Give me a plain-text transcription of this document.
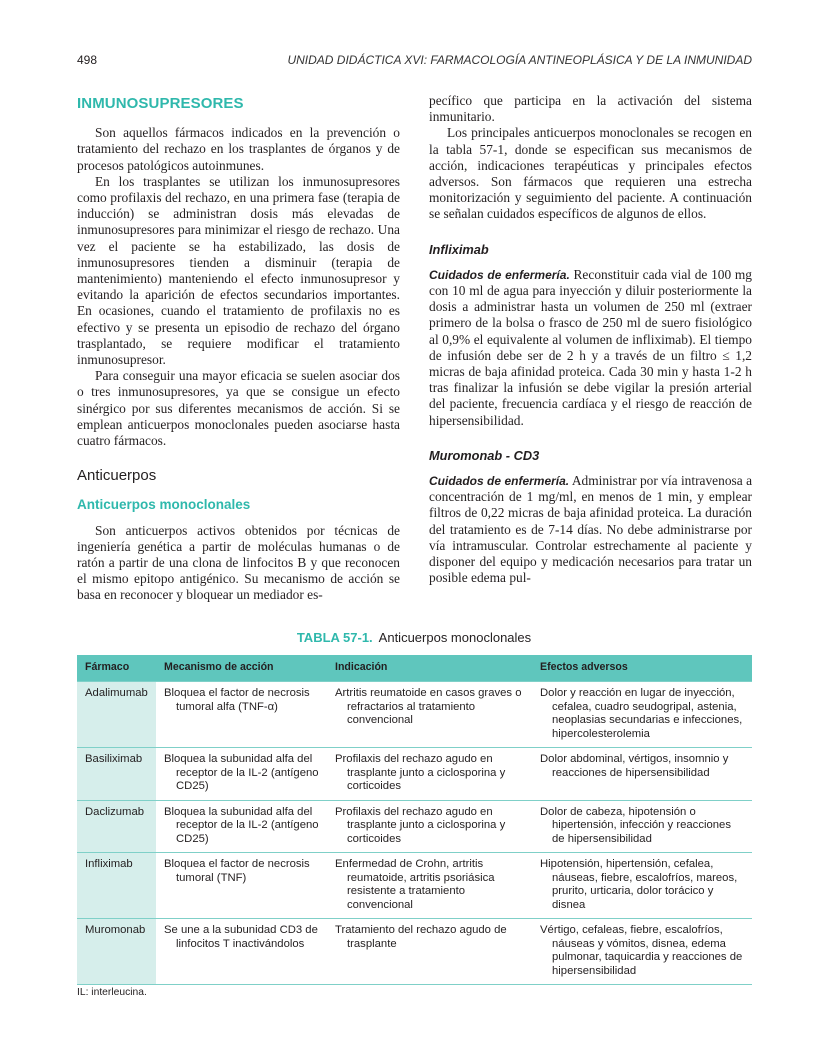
498	UNIDAD DIDÁCTICA XVI: FARMACOLOGÍA ANTINEOPLÁSICA Y DE LA INMUNIDAD
INMUNOSUPRESORES

Son aquellos fármacos indicados en la prevención o tratamiento del rechazo en los trasplantes de órganos y de procesos patológicos autoinmunes.

En los trasplantes se utilizan los inmunosupresores como profilaxis del rechazo, en una primera fase (terapia de inducción) se administran dosis más elevadas de inmunosupresores para minimizar el riesgo de rechazo. Una vez el paciente se ha estabilizado, las dosis de inmunosupresores tienden a disminuir (terapia de mantenimiento) manteniendo el efecto inmunosupresor y evitando la aparición de efectos secundarios importantes. En ocasiones, cuando el tratamiento de profilaxis no es efectivo y se presenta un episodio de rechazo del órgano trasplantado, se requiere modificar el tratamiento inmunosupresor.

Para conseguir una mayor eficacia se suelen asociar dos o tres inmunosupresores, ya que se consigue un efecto sinérgico por sus diferentes mecanismos de acción. Si se emplean anticuerpos monoclonales pueden asociarse hasta cuatro fármacos.

Anticuerpos
Anticuerpos monoclonales

Son anticuerpos activos obtenidos por técnicas de ingeniería genética a partir de moléculas humanas o de ratón a partir de una clona de linfocitos B y que reconocen el mismo epitopo antigénico. Su mecanismo de acción se basa en reconocer y bloquear un mediador es-

pecífico que participa en la activación del sistema inmunitario.

Los principales anticuerpos monoclonales se recogen en la tabla 57-1, donde se especifican sus mecanismos de acción, indicaciones terapéuticas y principales efectos adversos. Son fármacos que requieren una estrecha monitorización y seguimiento del paciente. A continuación se señalan cuidados específicos de algunos de ellos.

Infliximab

Cuidados de enfermería. Reconstituir cada vial de 100 mg con 10 ml de agua para inyección y diluir posteriormente la dosis a administrar hasta un volumen de 250 ml (extraer primero de la bolsa o frasco de 250 ml de suero fisiológico al 0,9% el equivalente al volumen de infliximab). El tiempo de infusión debe ser de 2 h y a través de un filtro ≤ 1,2 micras de baja afinidad proteica. Cada 30 min y hasta 1-2 h tras finalizar la infusión se debe vigilar la presión arterial del paciente, frecuencia cardíaca y el riesgo de reacción de hipersensibilidad.

Muromonab - CD3

Cuidados de enfermería. Administrar por vía intravenosa a concentración de 1 mg/ml, en menos de 1 min, y emplear filtros de 0,22 micras de baja afinidad proteica. La duración del tratamiento es de 7-14 días. No debe administrarse por vía intramuscular. Controlar estrechamente al paciente y disponer del equipo y medicación necesarios para tratar un posible edema pul-

TABLA 57-1. Anticuerpos monoclonales
Fármaco	Mecanismo de acción	Indicación	Efectos adversos
Adalimumab	Bloquea el factor de necrosis tumoral alfa (TNF-α)	Artritis reumatoide en casos graves o refractarios al tratamiento convencional	Dolor y reacción en lugar de inyección, cefalea, cuadro seudogripal, astenia, neoplasias secundarias e infecciones, hipercolesterolemia

Basiliximab	Bloquea la subunidad alfa del receptor de la IL-2 (antígeno CD25)	Profilaxis del rechazo agudo en trasplante junto a ciclosporina y corticoides	Dolor abdominal, vértigos, insomnio y reacciones de hipersensibilidad

Daclizumab	Bloquea la subunidad alfa del receptor de la IL-2 (antígeno CD25)	Profilaxis del rechazo agudo en trasplante junto a ciclosporina y corticoides	Dolor de cabeza, hipotensión o hipertensión, infección y reacciones de hipersensibilidad

Infliximab	Bloquea el factor de necrosis tumoral (TNF)	Enfermedad de Crohn, artritis reumatoide, artritis psoriásica resistente a tratamiento convencional	Hipotensión, hipertensión, cefalea, náuseas, fiebre, escalofríos, mareos, prurito, urticaria, dolor torácico y disnea

Muromonab	Se une a la subunidad CD3 de linfocitos T inactivándolos	Tratamiento del rechazo agudo de trasplante	Vértigo, cefaleas, fiebre, escalofríos, náuseas y vómitos, disnea, edema pulmonar, taquicardia y reacciones de hipersensibilidad
IL: interleucina.
